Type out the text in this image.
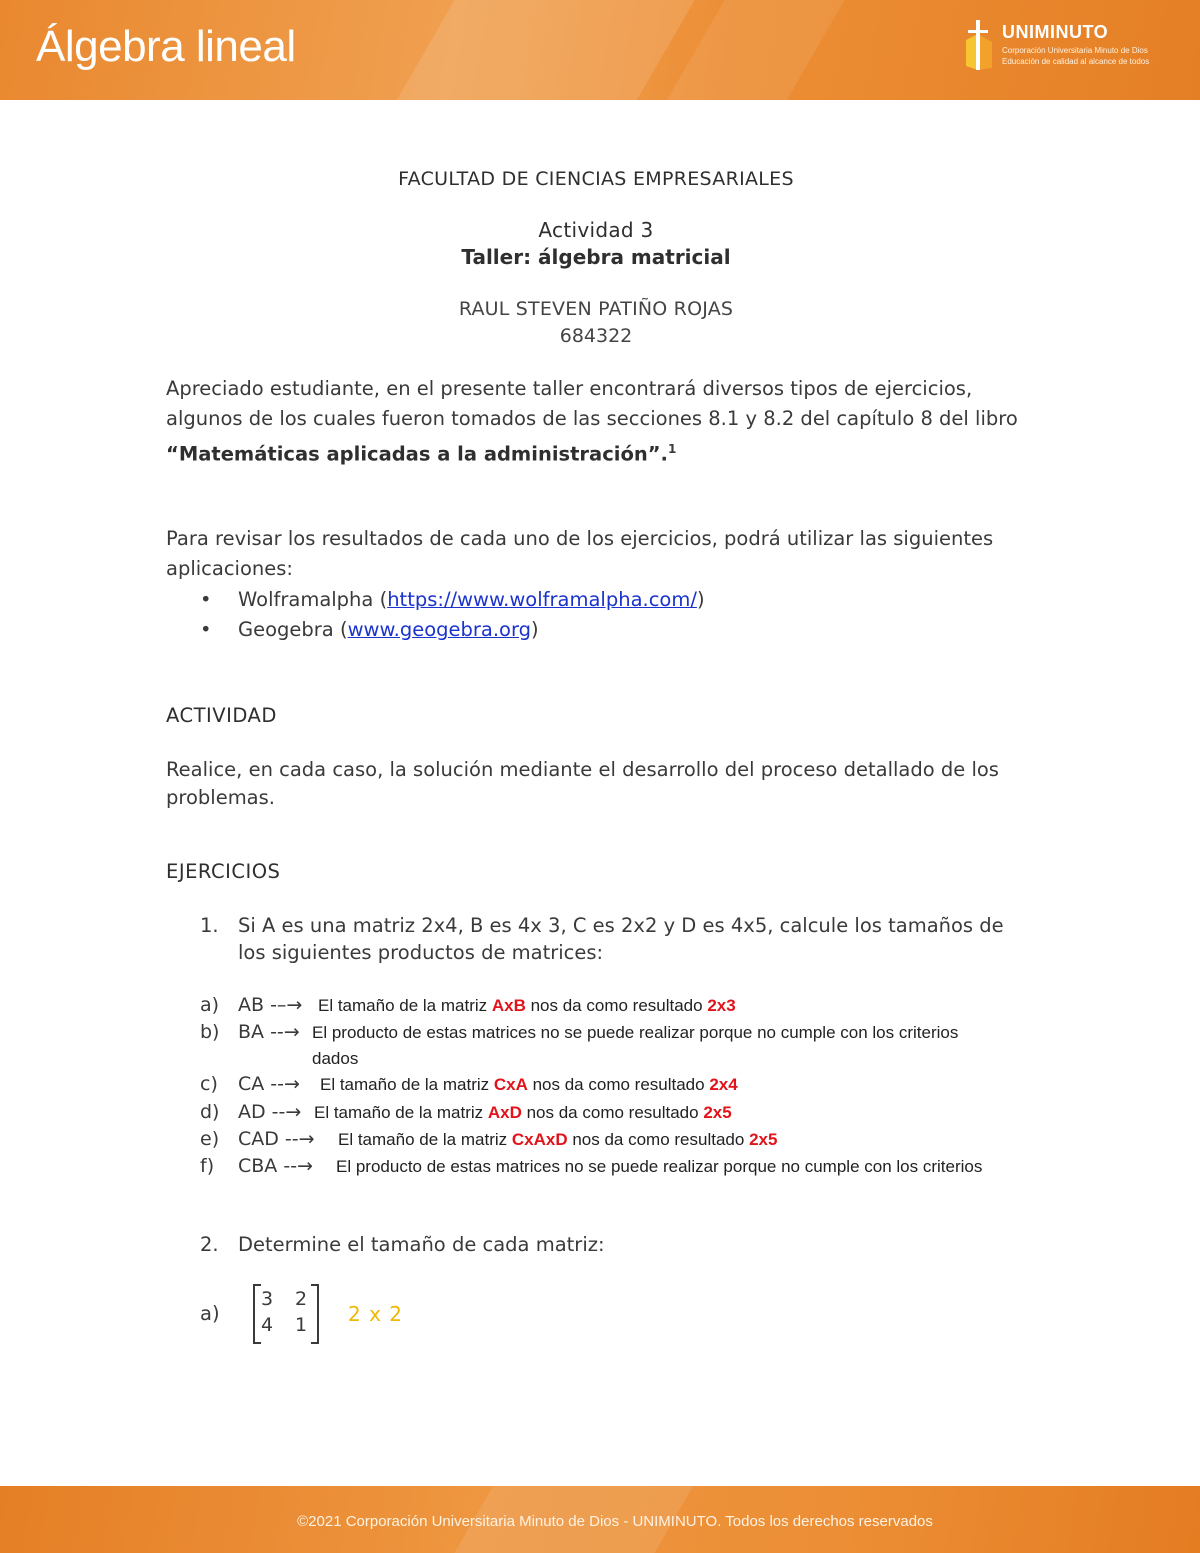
Álgebra lineal	UNIMINUTO
Corporación Universitaria Minuto de Dios
Educación de calidad al alcance de todos
FACULTAD DE CIENCIAS EMPRESARIALES
Actividad 3
Taller: álgebra matricial
RAUL STEVEN PATIÑO ROJAS
684322
Apreciado estudiante, en el presente taller encontrará diversos tipos de ejercicios, algunos de los cuales fueron tomados de las secciones 8.1 y 8.2 del capítulo 8 del libro “Matemáticas aplicadas a la administración”.$^1$
Para revisar los resultados de cada uno de los ejercicios, podrá utilizar las siguientes aplicaciones:
• Wolframalpha (https://www.wolframalpha.com/)
• Geogebra (www.geogebra.org)
ACTIVIDAD
Realice, en cada caso, la solución mediante el desarrollo del proceso detallado de los problemas.
EJERCICIOS
1. Si A es una matriz 2x4, B es 4x 3, C es 2x2 y D es 4x5, calcule los tamaños de los siguientes productos de matrices:
a) AB -–→ El tamaño de la matriz AxB nos da como resultado 2x3
b) BA --→ El producto de estas matrices no se puede realizar porque no cumple con los criterios dados
c) CA --→ El tamaño de la matriz CxA nos da como resultado 2x4
d) AD --→ El tamaño de la matriz AxD nos da como resultado 2x5
e) CAD --→ El tamaño de la matriz CxAxD nos da como resultado 2x5
f) CBA --→ El producto de estas matrices no se puede realizar porque no cumple con los criterios
2. Determine el tamaño de cada matriz:
a)
3 2
4 1 2 x 2
©2021 Corporación Universitaria Minuto de Dios - UNIMINUTO. Todos los derechos reservados
